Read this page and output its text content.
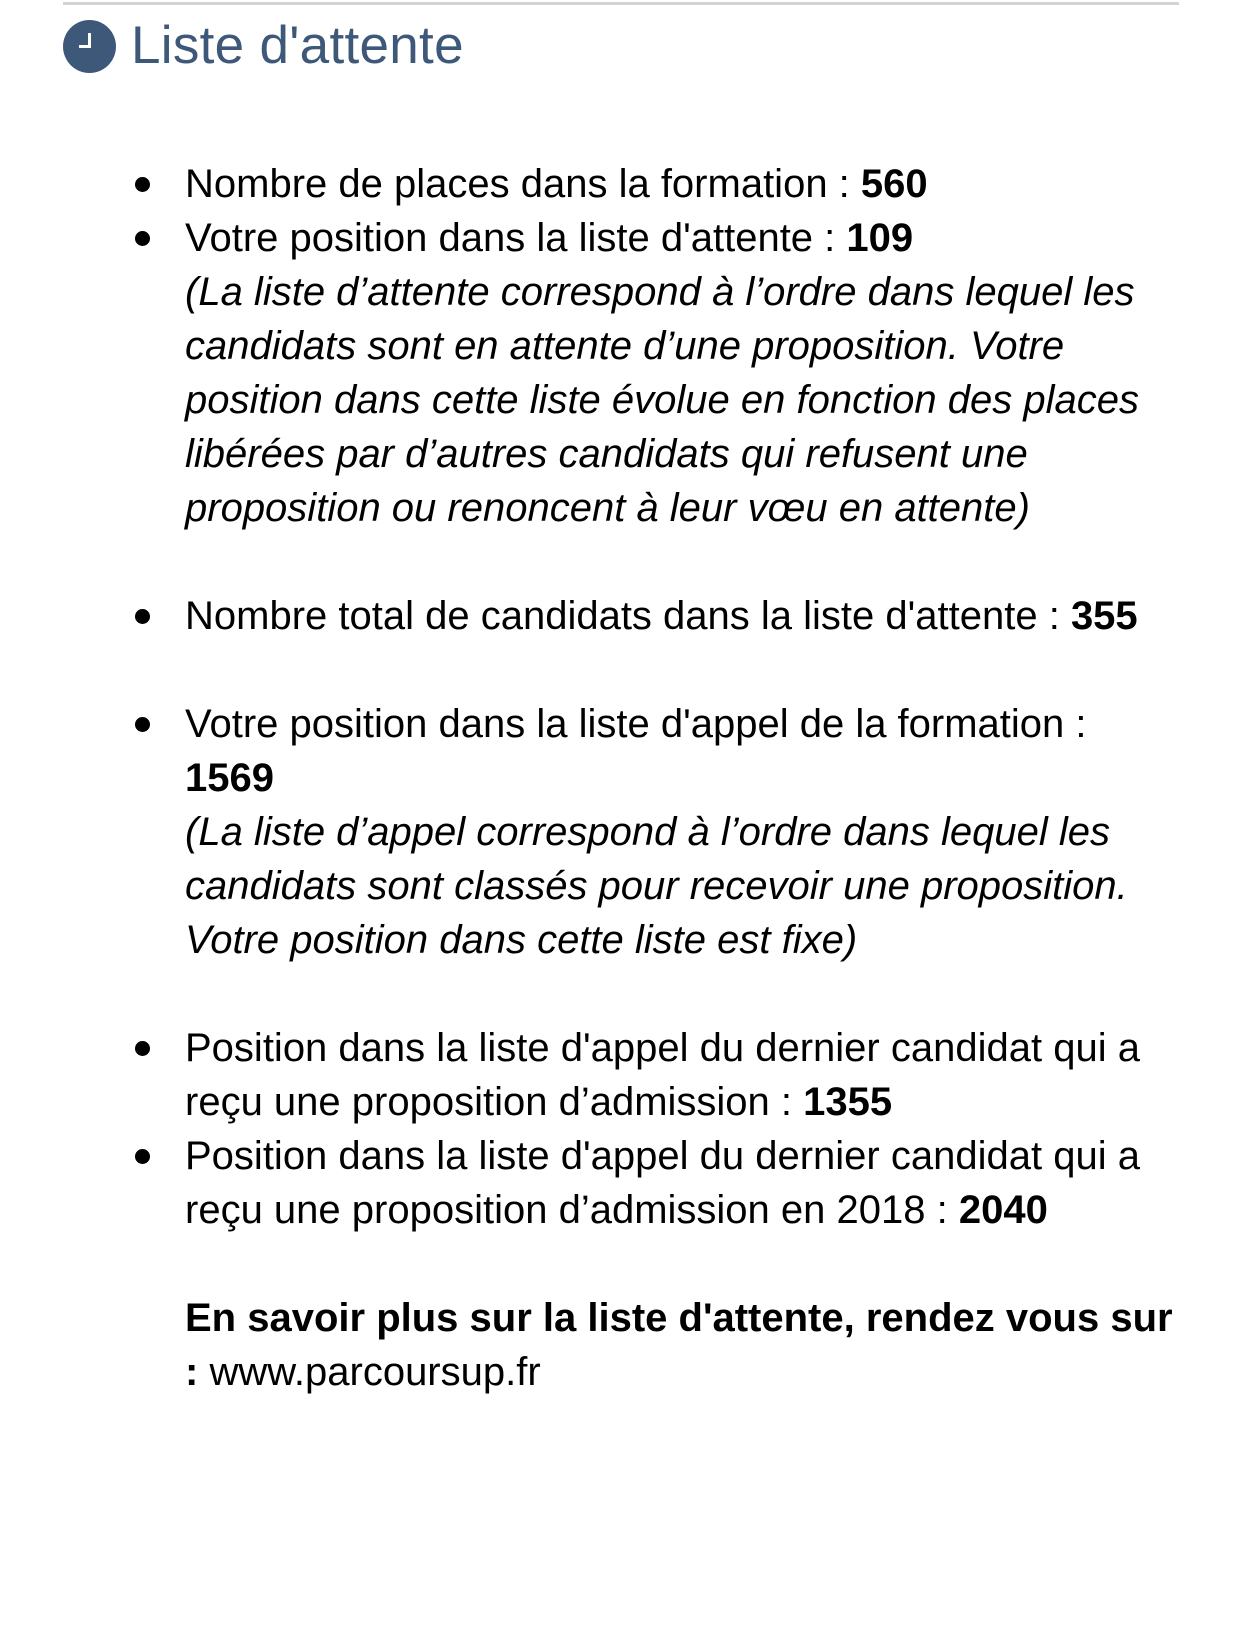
Liste d'attente
Nombre de places dans la formation : 560
Votre position dans la liste d'attente : 109
(La liste d’attente correspond à l’ordre dans lequel les candidats sont en attente d’une proposition. Votre position dans cette liste évolue en fonction des places libérées par d’autres candidats qui refusent une proposition ou renoncent à leur vœu en attente)
Nombre total de candidats dans la liste d'attente : 355
Votre position dans la liste d'appel de la formation : 1569
(La liste d’appel correspond à l’ordre dans lequel les candidats sont classés pour recevoir une proposition. Votre position dans cette liste est fixe)
Position dans la liste d'appel du dernier candidat qui a reçu une proposition d’admission : 1355
Position dans la liste d'appel du dernier candidat qui a reçu une proposition d’admission en 2018 : 2040
En savoir plus sur la liste d'attente, rendez vous sur : www.parcoursup.fr
